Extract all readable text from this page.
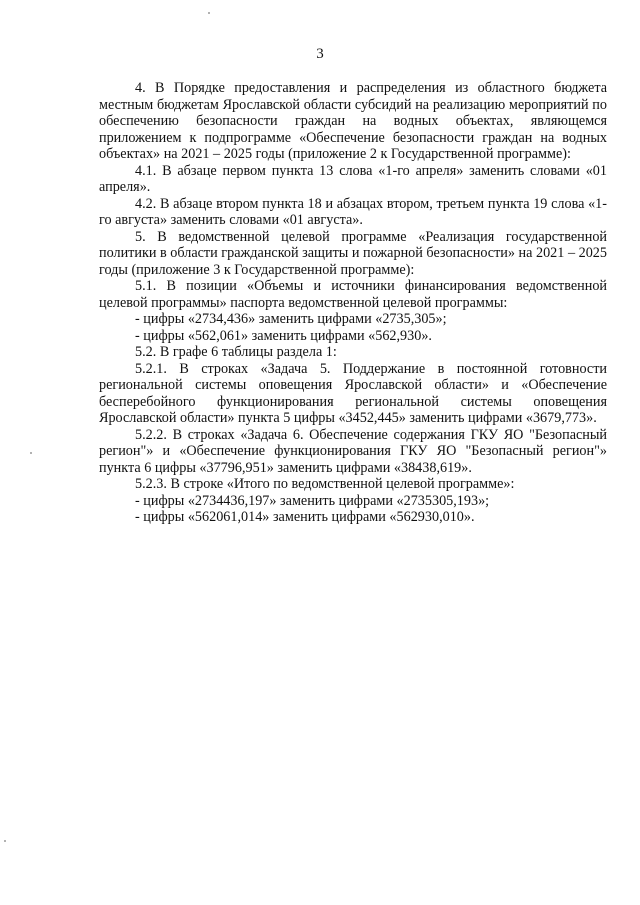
3

4. В Порядке предоставления и распределения из областного бюджета местным бюджетам Ярославской области субсидий на реализацию мероприятий по обеспечению безопасности граждан на водных объектах, являющемся приложением к подпрограмме «Обеспечение безопасности граждан на водных объектах» на 2021 – 2025 годы (приложение 2 к Государственной программе):

4.1. В абзаце первом пункта 13 слова «1-го апреля» заменить словами «01 апреля».

4.2. В абзаце втором пункта 18 и абзацах втором, третьем пункта 19 слова «1-го августа» заменить словами «01 августа».

5. В ведомственной целевой программе «Реализация государственной политики в области гражданской защиты и пожарной безопасности» на 2021 – 2025 годы (приложение 3 к Государственной программе):

5.1. В позиции «Объемы и источники финансирования ведомственной целевой программы» паспорта ведомственной целевой программы:

- цифры «2734,436» заменить цифрами «2735,305»;

- цифры «562,061» заменить цифрами «562,930».

5.2. В графе 6 таблицы раздела 1:

5.2.1. В строках «Задача 5. Поддержание в постоянной готовности региональной системы оповещения Ярославской области» и «Обеспечение бесперебойного функционирования региональной системы оповещения Ярославской области» пункта 5 цифры «3452,445» заменить цифрами «3679,773».

5.2.2. В строках «Задача 6. Обеспечение содержания ГКУ ЯО "Безопасный регион"» и «Обеспечение функционирования ГКУ ЯО "Безопасный регион"» пункта 6 цифры «37796,951» заменить цифрами «38438,619».

5.2.3. В строке «Итого по ведомственной целевой программе»:

- цифры «2734436,197» заменить цифрами «2735305,193»;

- цифры «562061,014» заменить цифрами «562930,010».
